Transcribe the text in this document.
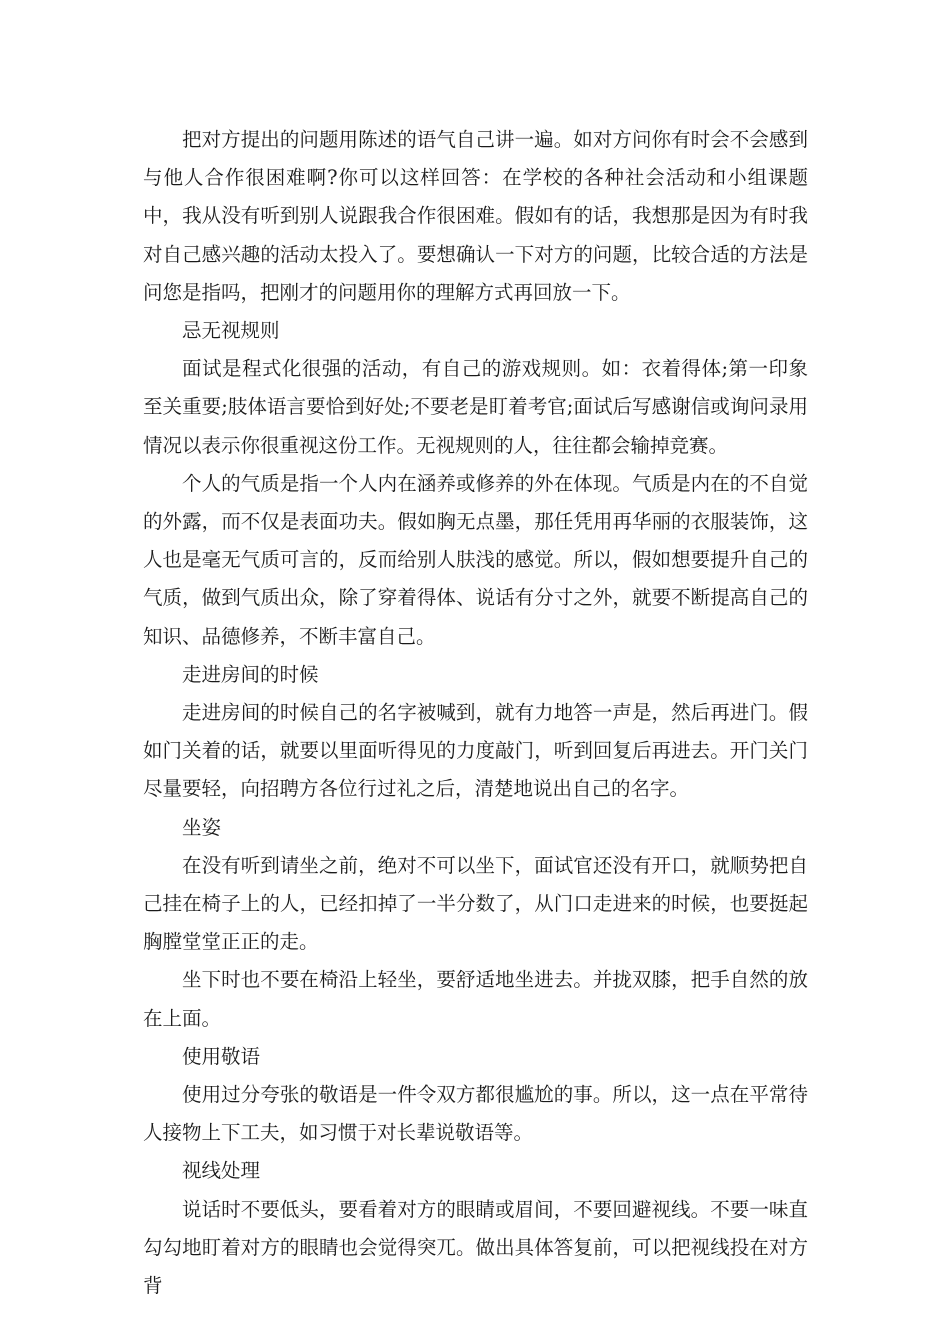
把对方提出的问题用陈述的语气自己讲一遍。如对方问你有时会不会感到与他人合作很困难啊?你可以这样回答：在学校的各种社会活动和小组课题中，我从没有听到别人说跟我合作很困难。假如有的话，我想那是因为有时我对自己感兴趣的活动太投入了。要想确认一下对方的问题，比较合适的方法是问您是指吗，把刚才的问题用你的理解方式再回放一下。

忌无视规则

面试是程式化很强的活动，有自己的游戏规则。如：衣着得体;第一印象至关重要;肢体语言要恰到好处;不要老是盯着考官;面试后写感谢信或询问录用情况以表示你很重视这份工作。无视规则的人，往往都会输掉竞赛。

个人的气质是指一个人内在涵养或修养的外在体现。气质是内在的不自觉的外露，而不仅是表面功夫。假如胸无点墨，那任凭用再华丽的衣服装饰，这人也是毫无气质可言的，反而给别人肤浅的感觉。所以，假如想要提升自己的气质，做到气质出众，除了穿着得体、说话有分寸之外，就要不断提高自己的知识、品德修养，不断丰富自己。

走进房间的时候

走进房间的时候自己的名字被喊到，就有力地答一声是，然后再进门。假如门关着的话，就要以里面听得见的力度敲门，听到回复后再进去。开门关门尽量要轻，向招聘方各位行过礼之后，清楚地说出自己的名字。

坐姿

在没有听到请坐之前，绝对不可以坐下，面试官还没有开口，就顺势把自己挂在椅子上的人，已经扣掉了一半分数了，从门口走进来的时候，也要挺起胸膛堂堂正正的走。

坐下时也不要在椅沿上轻坐，要舒适地坐进去。并拢双膝，把手自然的放在上面。

使用敬语

使用过分夸张的敬语是一件令双方都很尴尬的事。所以，这一点在平常待人接物上下工夫，如习惯于对长辈说敬语等。

视线处理

说话时不要低头，要看着对方的眼睛或眉间，不要回避视线。不要一味直勾勾地盯着对方的眼睛也会觉得突兀。做出具体答复前，可以把视线投在对方背
